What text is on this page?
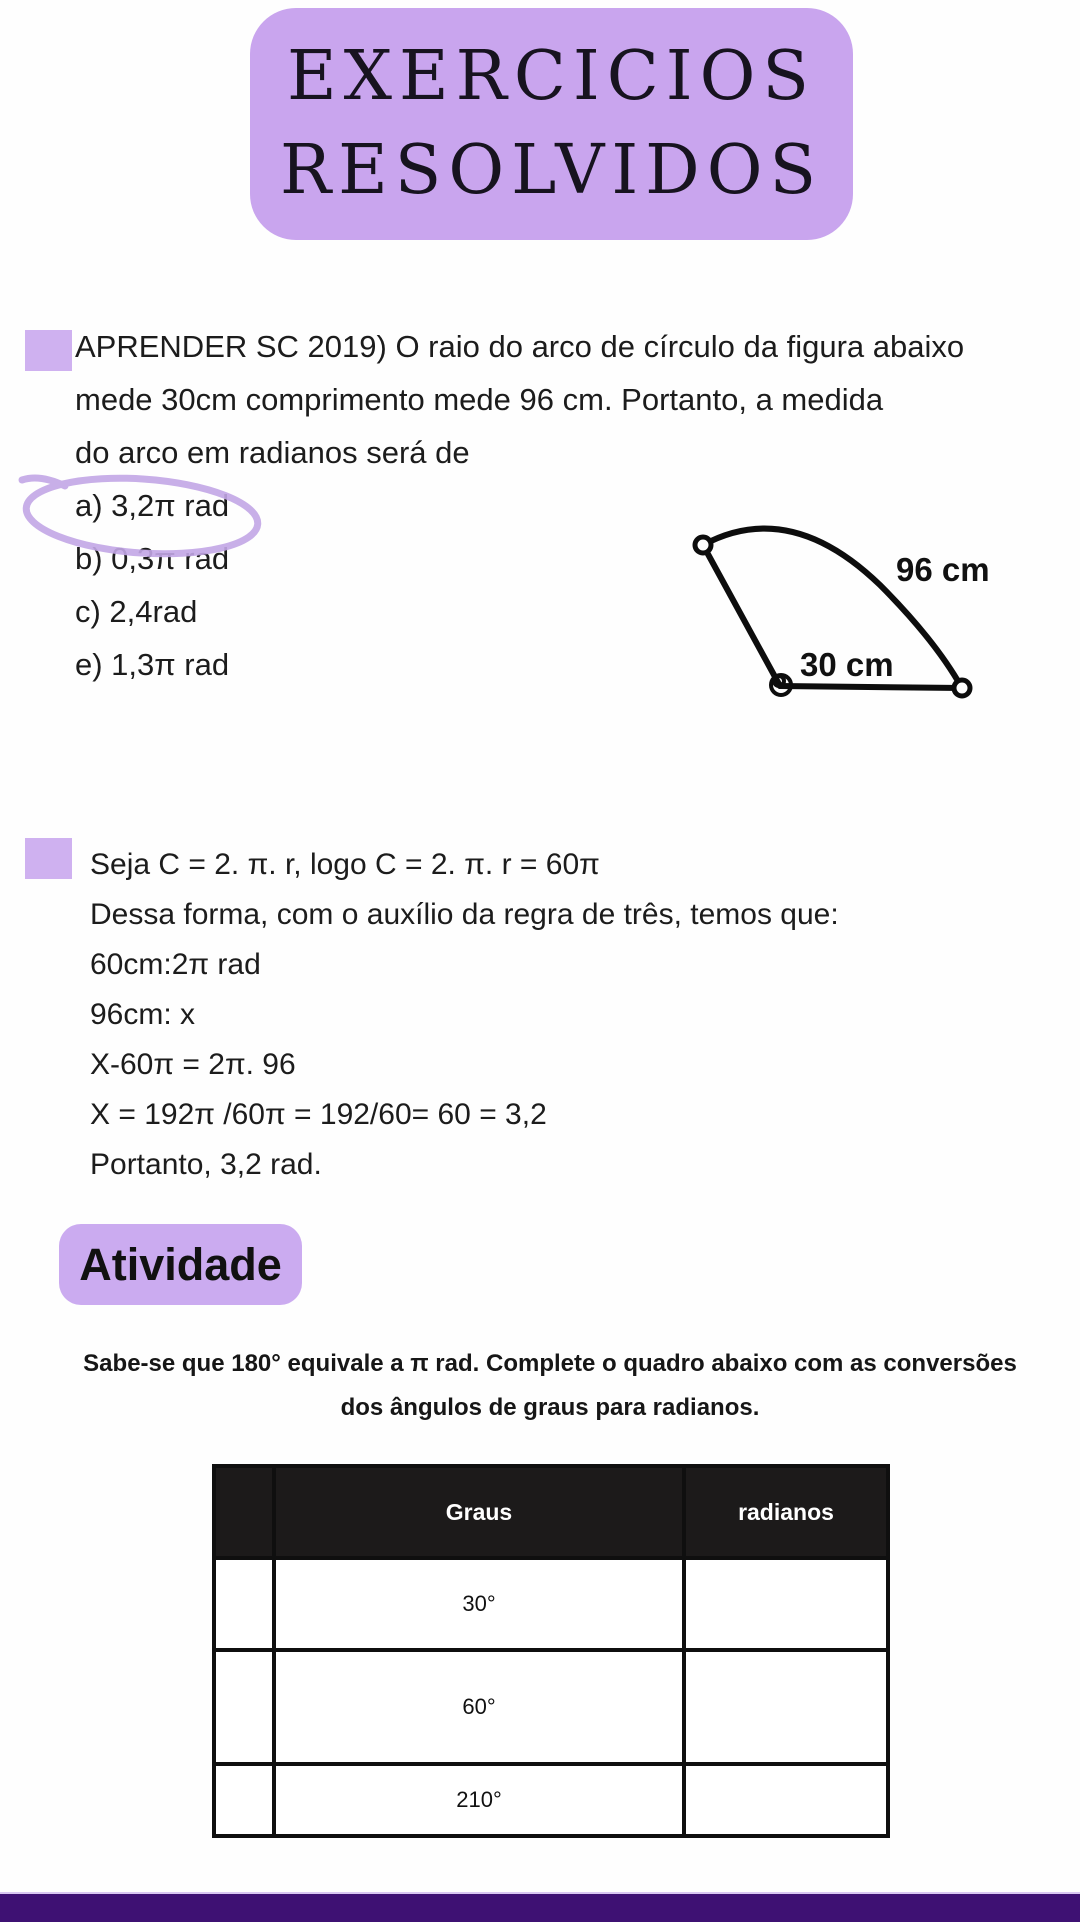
EXERCICIOS
RESOLVIDOS
APRENDER SC 2019) O raio do arco de círculo da figura abaixo
mede 30cm comprimento mede 96 cm. Portanto, a medida
do arco em radianos será de
a) 3,2π rad
b) 0,3π rad
c) 2,4rad
e) 1,3π rad
96 cm
30 cm
Seja C = 2. π. r, logo C = 2. π. r = 60π
Dessa forma, com o auxílio da regra de três, temos que:
60cm:2π rad
96cm: x
X-60π = 2π. 96
X = 192π /60π = 192/60= 60 = 3,2
Portanto, 3,2 rad.
Atividade
Sabe-se que 180° equivale a π rad. Complete o quadro abaixo com as conversões
dos ângulos de graus para radianos.
	Graus	radianos
	30°	
	60°	
	210°	
